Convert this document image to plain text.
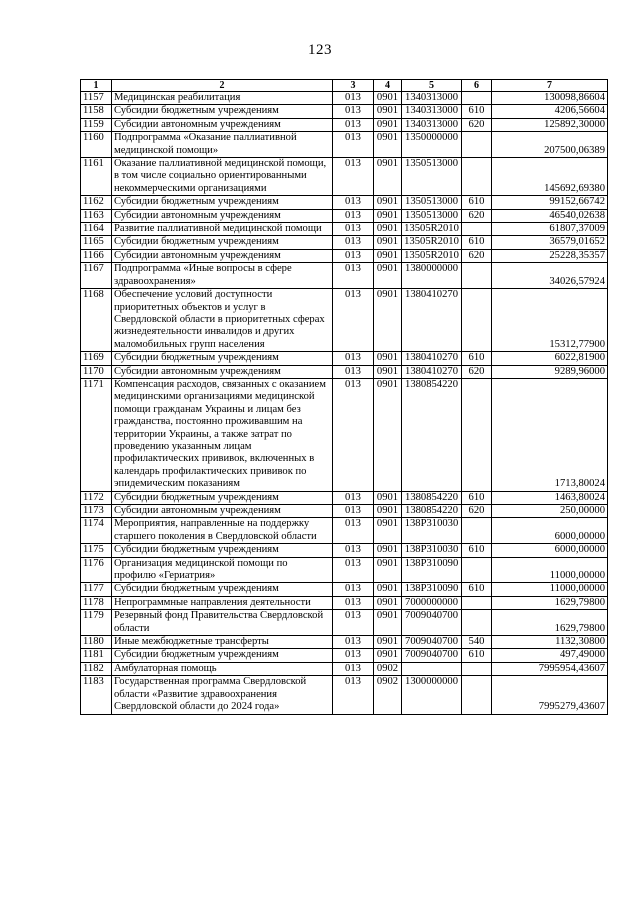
123
1	2	3	4	5	6	7
1157	Медицинская реабилитация	013	0901	1340313000		130098,86604
1158	Субсидии бюджетным учреждениям	013	0901	1340313000	610	4206,56604
1159	Субсидии автономным учреждениям	013	0901	1340313000	620	125892,30000
1160	Подпрограмма «Оказание паллиативной медицинской помощи»	013	0901	1350000000		207500,06389
1161	Оказание паллиативной медицинской помощи, в том числе социально ориентированными некоммерческими организациями	013	0901	1350513000		145692,69380
1162	Субсидии бюджетным учреждениям	013	0901	1350513000	610	99152,66742
1163	Субсидии автономным учреждениям	013	0901	1350513000	620	46540,02638
1164	Развитие паллиативной медицинской помощи	013	0901	13505R2010		61807,37009
1165	Субсидии бюджетным учреждениям	013	0901	13505R2010	610	36579,01652
1166	Субсидии автономным учреждениям	013	0901	13505R2010	620	25228,35357
1167	Подпрограмма «Иные вопросы в сфере здравоохранения»	013	0901	1380000000		34026,57924
1168	Обеспечение условий доступности приоритетных объектов и услуг в Свердловской области в приоритетных сферах жизнедеятельности инвалидов и других маломобильных групп населения	013	0901	1380410270		15312,77900
1169	Субсидии бюджетным учреждениям	013	0901	1380410270	610	6022,81900
1170	Субсидии автономным учреждениям	013	0901	1380410270	620	9289,96000
1171	Компенсация расходов, связанных с оказанием медицинскими организациями медицинской помощи гражданам Украины и лицам без гражданства, постоянно проживавшим на территории Украины, а также затрат по проведению указанным лицам профилактических прививок, включенных в календарь профилактических прививок по эпидемическим показаниям	013	0901	1380854220		1713,80024
1172	Субсидии бюджетным учреждениям	013	0901	1380854220	610	1463,80024
1173	Субсидии автономным учреждениям	013	0901	1380854220	620	250,00000
1174	Мероприятия, направленные на поддержку старшего поколения в Свердловской области	013	0901	138P310030		6000,00000
1175	Субсидии бюджетным учреждениям	013	0901	138P310030	610	6000,00000
1176	Организация медицинской помощи по профилю «Гериатрия»	013	0901	138P310090		11000,00000
1177	Субсидии бюджетным учреждениям	013	0901	138P310090	610	11000,00000
1178	Непрограммные направления деятельности	013	0901	7000000000		1629,79800
1179	Резервный фонд Правительства Свердловской области	013	0901	7009040700		1629,79800
1180	Иные межбюджетные трансферты	013	0901	7009040700	540	1132,30800
1181	Субсидии бюджетным учреждениям	013	0901	7009040700	610	497,49000
1182	Амбулаторная помощь	013	0902			7995954,43607
1183	Государственная программа Свердловской области «Развитие здравоохранения Свердловской области до 2024 года»	013	0902	1300000000		7995279,43607
